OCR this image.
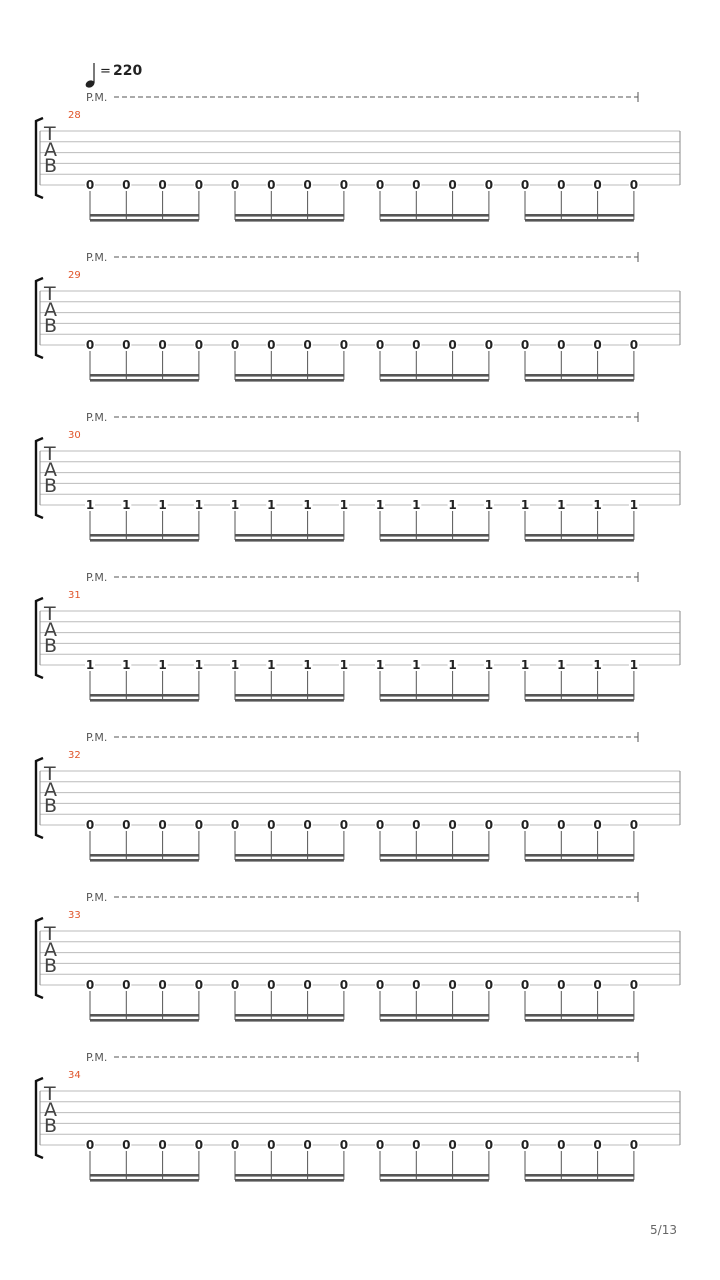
= 220
P.M.
28
T
A
B
0 0 0 0 0 0 0 0 0 0 0 0 0 0 0 0
P.M.
29
T
A
B
0 0 0 0 0 0 0 0 0 0 0 0 0 0 0 0
P.M.
30
T
A
B
1 1 1 1 1 1 1 1 1 1 1 1 1 1 1 1
P.M.
31
T
A
B
1 1 1 1 1 1 1 1 1 1 1 1 1 1 1 1
P.M.
32
T
A
B
0 0 0 0 0 0 0 0 0 0 0 0 0 0 0 0
P.M.
33
T
A
B
0 0 0 0 0 0 0 0 0 0 0 0 0 0 0 0
P.M.
34
T
A
B
0 0 0 0 0 0 0 0 0 0 0 0 0 0 0 0
5/13
